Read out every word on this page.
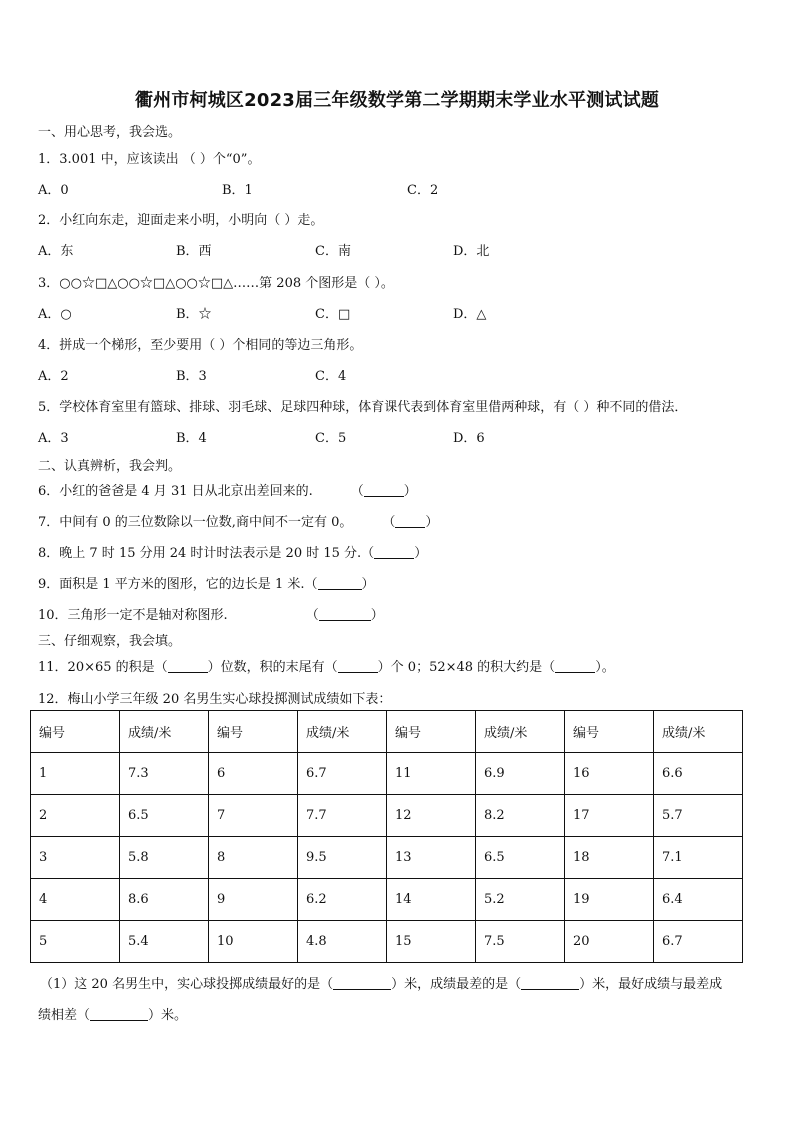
衢州市柯城区2023届三年级数学第二学期期末学业水平测试试题
一、用心思考，我会选。
1．3.001 中，应该读出 （ ）个“0”。
A．0	B．1	C．2
2．小红向东走，迎面走来小明，小明向（ ）走。
A．东	B．西	C．南	D．北
3．○○☆□△○○☆□△○○☆□△……第 208 个图形是（ ）。
A．○	B．☆	C．□	D．△
4．拼成一个梯形，至少要用（ ）个相同的等边三角形。
A．2	B．3	C．4
5．学校体育室里有篮球、排球、羽毛球、足球四种球，体育课代表到体育室里借两种球，有（ ）种不同的借法．
A．3	B．4	C．5	D．6
二、认真辨析，我会判。
6．小红的爸爸是 4 月 31 日从北京出差回来的.	（	）
7．中间有 0 的三位数除以一位数,商中间不一定有 0。 （ ）
8．晚上 7 时 15 分用 24 时计时法表示是 20 时 15 分.（	）
9．面积是 1 平方米的图形，它的边长是 1 米.（	）
10．三角形一定不是轴对称图形.	（	）
三、仔细观察，我会填。
11．20×65 的积是（	）位数，积的末尾有（	）个 0；52×48 的积大约是（	）。
12．梅山小学三年级 20 名男生实心球投掷测试成绩如下表：
编号	成绩/米	编号	成绩/米	编号	成绩/米	编号	成绩/米
1	7.3	6	6.7	11	6.9	16	6.6
2	6.5	7	7.7	12	8.2	17	5.7
3	5.8	8	9.5	13	6.5	18	7.1
4	8.6	9	6.2	14	5.2	19	6.4
5	5.4	10	4.8	15	7.5	20	6.7
（1）这 20 名男生中，实心球投掷成绩最好的是（	）米，成绩最差的是（	）米，最好成绩与最差成
绩相差（	）米。
